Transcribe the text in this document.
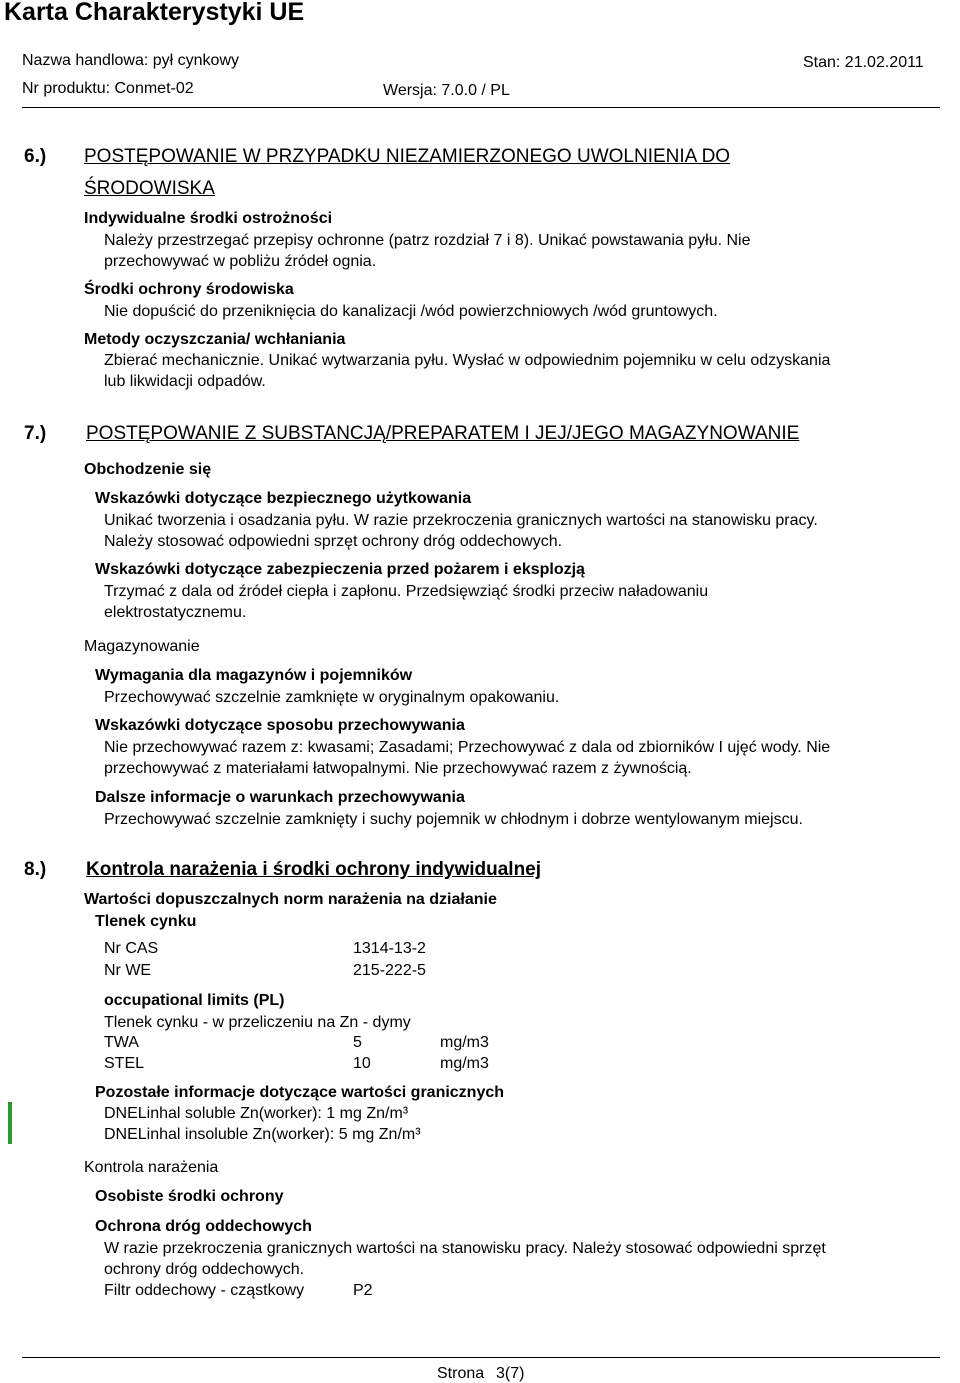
Karta Charakterystyki UE
Nazwa handlowa: pył cynkowy	Stan: 21.02.2011
Nr produktu: Conmet-02	Wersja: 7.0.0 / PL
6.) POSTĘPOWANIE W PRZYPADKU NIEZAMIERZONEGO UWOLNIENIA DO
ŚRODOWISKA
Indywidualne środki ostrożności
Należy przestrzegać przepisy ochronne (patrz rozdział 7 i 8). Unikać powstawania pyłu. Nie
przechowywać w pobliżu źródeł ognia.
Środki ochrony środowiska
Nie dopuścić do przeniknięcia do kanalizacji /wód powierzchniowych /wód gruntowych.
Metody oczyszczania/ wchłaniania
Zbierać mechanicznie. Unikać wytwarzania pyłu. Wysłać w odpowiednim pojemniku w celu odzyskania
lub likwidacji odpadów.
7.) POSTĘPOWANIE Z SUBSTANCJĄ/PREPARATEM I JEJ/JEGO MAGAZYNOWANIE
Obchodzenie się
Wskazówki dotyczące bezpiecznego użytkowania
Unikać tworzenia i osadzania pyłu. W razie przekroczenia granicznych wartości na stanowisku pracy.
Należy stosować odpowiedni sprzęt ochrony dróg oddechowych.
Wskazówki dotyczące zabezpieczenia przed pożarem i eksplozją
Trzymać z dala od źródeł ciepła i zapłonu. Przedsięwziąć środki przeciw naładowaniu
elektrostatycznemu.
Magazynowanie
Wymagania dla magazynów i pojemników
Przechowywać szczelnie zamknięte w oryginalnym opakowaniu.
Wskazówki dotyczące sposobu przechowywania
Nie przechowywać razem z: kwasami; Zasadami; Przechowywać z dala od zbiorników I ujęć wody. Nie
przechowywać z materiałami łatwopalnymi. Nie przechowywać razem z żywnością.
Dalsze informacje o warunkach przechowywania
Przechowywać szczelnie zamknięty i suchy pojemnik w chłodnym i dobrze wentylowanym miejscu.
8.) Kontrola narażenia i środki ochrony indywidualnej
Wartości dopuszczalnych norm narażenia na działanie
Tlenek cynku
Nr CAS	1314-13-2
Nr WE	215-222-5
occupational limits (PL)
Tlenek cynku - w przeliczeniu na Zn - dymy
TWA	5	mg/m3
STEL	10	mg/m3
Pozostałe informacje dotyczące wartości granicznych
DNELinhal soluble Zn(worker): 1 mg Zn/m³
DNELinhal insoluble Zn(worker): 5 mg Zn/m³
Kontrola narażenia
Osobiste środki ochrony
Ochrona dróg oddechowych
W razie przekroczenia granicznych wartości na stanowisku pracy. Należy stosować odpowiedni sprzęt
ochrony dróg oddechowych.
Filtr oddechowy - cząstkowy	P2
Strona 3(7)
